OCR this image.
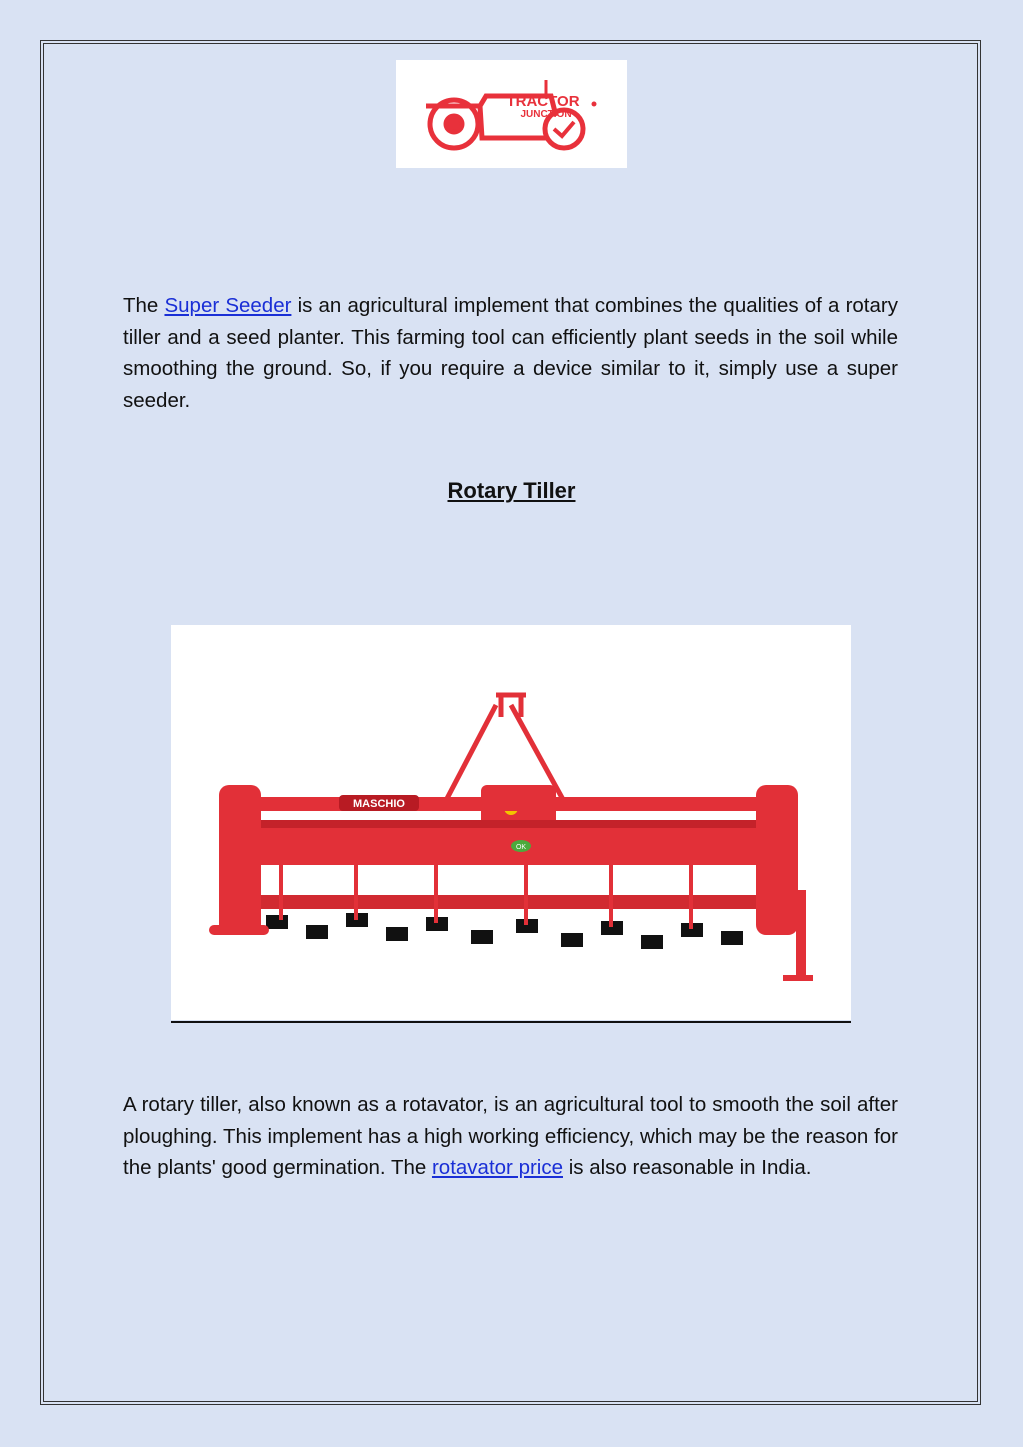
TRACTOR
JUNCTION

The Super Seeder is an agricultural implement that combines the qualities of a rotary tiller and a seed planter. This farming tool can efficiently plant seeds in the soil while smoothing the ground. So, if you require a device similar to it, simply use a super seeder.

Rotary Tiller
MASCHIO
OK

A rotary tiller, also known as a rotavator, is an agricultural tool to smooth the soil after ploughing. This implement has a high working efficiency, which may be the reason for the plants' good germination. The rotavator price is also reasonable in India.
